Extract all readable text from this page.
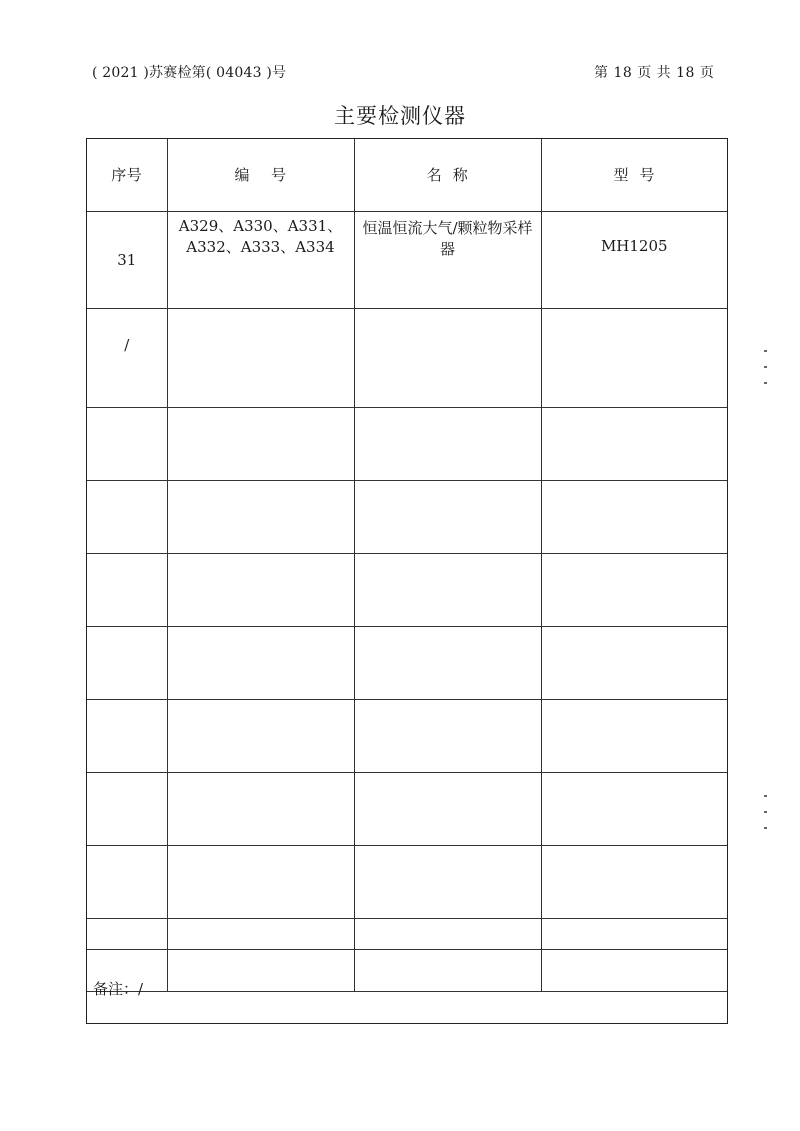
( 2021 )苏赛检第( 04043 )号	第 18 页 共 18 页
主要检测仪器
序号	编    号	名  称	型  号
31	A329、A330、A331、A332、A333、A334	恒温恒流大气/颗粒物采样器	MH1205
/			

备注：/
